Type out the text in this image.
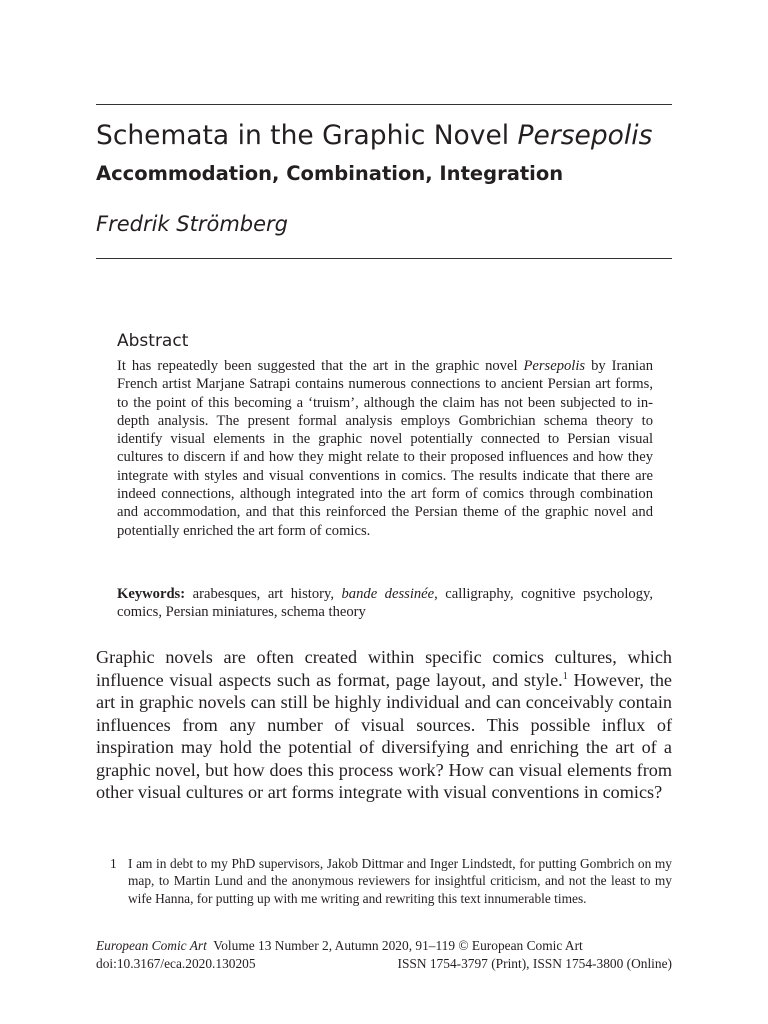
Schemata in the Graphic Novel Persepolis
Accommodation, Combination, Integration
Fredrik Strömberg
Abstract

It has repeatedly been suggested that the art in the graphic novel Persepolis by Iranian French artist Marjane Satrapi contains numerous connections to ancient Persian art forms, to the point of this becoming a ‘truism’, although the claim has not been subjected to in-depth analysis. The present formal analysis employs Gombrichian schema theory to identify visual elements in the graphic novel potentially connected to Persian visual cultures to discern if and how they might relate to their proposed influences and how they integrate with styles and visual conventions in comics. The results indicate that there are indeed connections, although integrated into the art form of comics through combination and accommodation, and that this reinforced the Persian theme of the graphic novel and potentially enriched the art form of comics.

Keywords: arabesques, art history, bande dessinée, calligraphy, cognitive psychology, comics, Persian miniatures, schema theory

Graphic novels are often created within specific comics cultures, which influence visual aspects such as format, page layout, and style.$^1$ However, the art in graphic novels can still be highly individual and can conceivably contain influences from any number of visual sources. This possible influx of inspiration may hold the potential of diversifying and enriching the art of a graphic novel, but how does this process work? How can visual elements from other visual cultures or art forms integrate with visual conventions in comics?

1 I am in debt to my PhD supervisors, Jakob Dittmar and Inger Lindstedt, for putting Gombrich on my map, to Martin Lund and the anonymous reviewers for insightful criticism, and not the least to my wife Hanna, for putting up with me writing and rewriting this text innumerable times.
European Comic Art  Volume 13 Number 2, Autumn 2020, 91–119 © European Comic Art
doi:10.3167/eca.2020.130205	ISSN 1754-3797 (Print), ISSN 1754-3800 (Online)
